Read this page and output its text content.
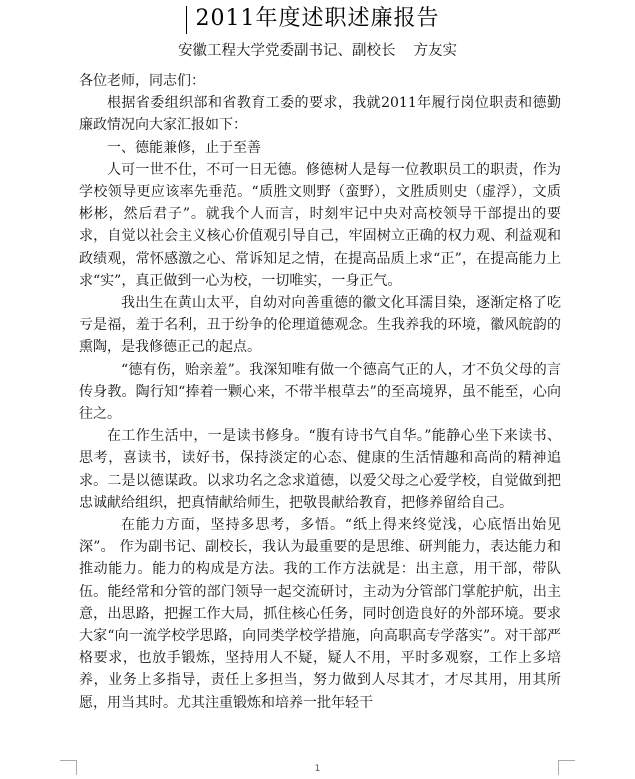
2011年度述职述廉报告
安徽工程大学党委副书记、副校长 方友实

各位老师，同志们：

根据省委组织部和省教育工委的要求，我就2011年履行岗位职责和德勤廉政情况向大家汇报如下：

一、德能兼修，止于至善

人可一世不仕，不可一日无德。修德树人是每一位教职员工的职责，作为学校领导更应该率先垂范。“质胜文则野（蛮野），文胜质则史（虚浮），文质彬彬，然后君子”。就我个人而言，时刻牢记中央对高校领导干部提出的要求，自觉以社会主义核心价值观引导自己，牢固树立正确的权力观、利益观和政绩观，常怀感激之心、常诉知足之情，在提高品质上求“正”，在提高能力上求“实”，真正做到一心为校，一切唯实，一身正气。

我出生在黄山太平，自幼对向善重德的徽文化耳濡目染，逐渐定格了吃亏是福，羞于名利，丑于纷争的伦理道德观念。生我养我的环境，徽风皖韵的熏陶，是我修德正己的起点。

“德有伤，贻亲羞”。我深知唯有做一个德高气正的人，才不负父母的言传身教。陶行知“捧着一颗心来，不带半根草去”的至高境界，虽不能至，心向往之。

在工作生活中，一是读书修身。“腹有诗书气自华。”能静心坐下来读书、思考，喜读书，读好书，保持淡定的心态、健康的生活情趣和高尚的精神追求。二是以德谋政。以求功名之念求道德，以爱父母之心爱学校，自觉做到把忠诚献给组织，把真情献给师生，把敬畏献给教育，把修养留给自己。

在能力方面，坚持多思考，多悟。“纸上得来终觉浅，心底悟出始见深”。 作为副书记、副校长，我认为最重要的是思维、研判能力，表达能力和推动能力。能力的构成是方法。我的工作方法就是：出主意，用干部，带队伍。能经常和分管的部门领导一起交流研讨，主动为分管部门掌舵护航，出主意，出思路，把握工作大局，抓住核心任务，同时创造良好的外部环境。要求大家“向一流学校学思路，向同类学校学措施，向高职高专学落实”。对干部严格要求，也放手锻炼，坚持用人不疑，疑人不用，平时多观察，工作上多培养，业务上多指导，责任上多担当，努力做到人尽其才，才尽其用，用其所愿，用当其时。尤其注重锻炼和培养一批年轻干

1
